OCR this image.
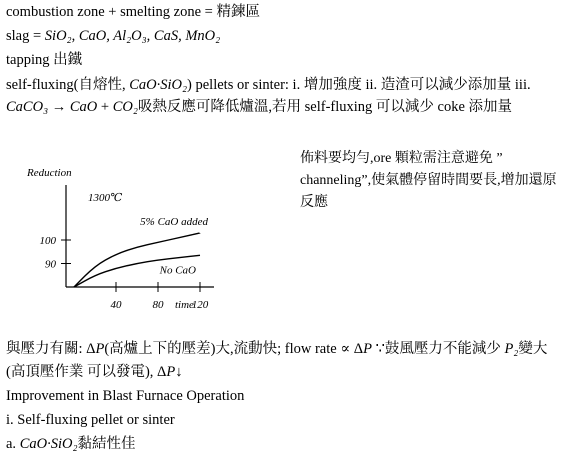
combustion zone + smelting zone = 精鍊區
slag = SiO₂, CaO, Al₂O₃, CaS, MnO₂
tapping 出鐵
self-fluxing(自熔性, CaO·SiO₂) pellets or sinter: i. 增加強度 ii. 造渣可以減少添加量 iii. CaCO₃ → CaO + CO₂吸熱反應可降低爐溫,若用 self-fluxing 可以減少 coke 添加量
佈料要均勻,ore 顆粒需注意避免 ” channeling”,使氣體停留時間要長,增加還原反應
Reduction
90
100
40	80	120
1300℃
5% CaO added
No CaO
time
與壓力有關: ΔP(高爐上下的壓差)大,流動快; flow rate ∝ ΔP ∵鼓風壓力不能減少 P₂變大(高頂壓作業 可以發電), ΔP↓
Improvement in Blast Furnace Operation
i. Self-fluxing pellet or sinter
a. CaO·SiO₂黏結性佳
